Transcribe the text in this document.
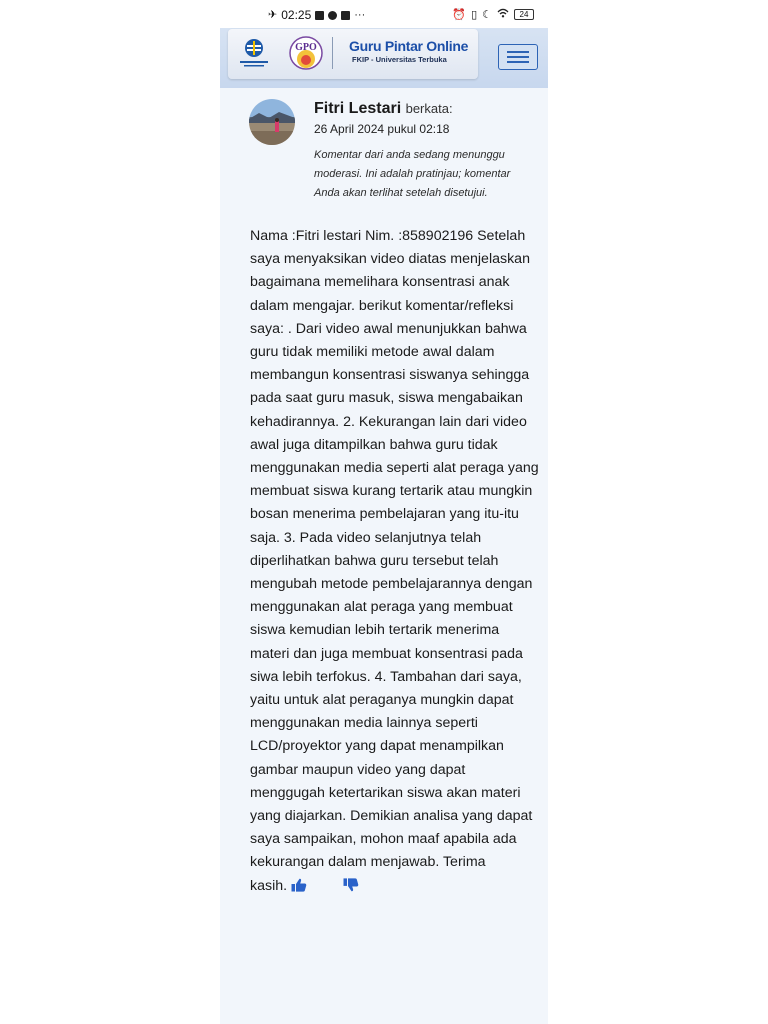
✈ 02:25	···	⏰ ▯ ☾	24
GPO Guru Pintar Online
FKIP - Universitas Terbuka
Fitri Lestari berkata:
26 April 2024 pukul 02:18
Komentar dari anda sedang menunggu moderasi. Ini adalah pratinjau; komentar Anda akan terlihat setelah disetujui.
Nama :Fitri lestari Nim. :858902196 Setelah saya menyaksikan video diatas menjelaskan bagaimana memelihara konsentrasi anak dalam mengajar. berikut komentar/refleksi saya: . Dari video awal menunjukkan bahwa guru tidak memiliki metode awal dalam membangun konsentrasi siswanya sehingga pada saat guru masuk, siswa mengabaikan kehadirannya. 2. Kekurangan lain dari video awal juga ditampilkan bahwa guru tidak menggunakan media seperti alat peraga yang membuat siswa kurang tertarik atau mungkin bosan menerima pembelajaran yang itu-itu saja. 3. Pada video selanjutnya telah diperlihatkan bahwa guru tersebut telah mengubah metode pembelajarannya dengan menggunakan alat peraga yang membuat siswa kemudian lebih tertarik menerima materi dan juga membuat konsentrasi pada siwa lebih terfokus. 4. Tambahan dari saya, yaitu untuk alat peraganya mungkin dapat menggunakan media lainnya seperti LCD/proyektor yang dapat menampilkan gambar maupun video yang dapat menggugah ketertarikan siswa akan materi yang diajarkan. Demikian analisa yang dapat saya sampaikan, mohon maaf apabila ada kekurangan dalam menjawab. Terima kasih.
